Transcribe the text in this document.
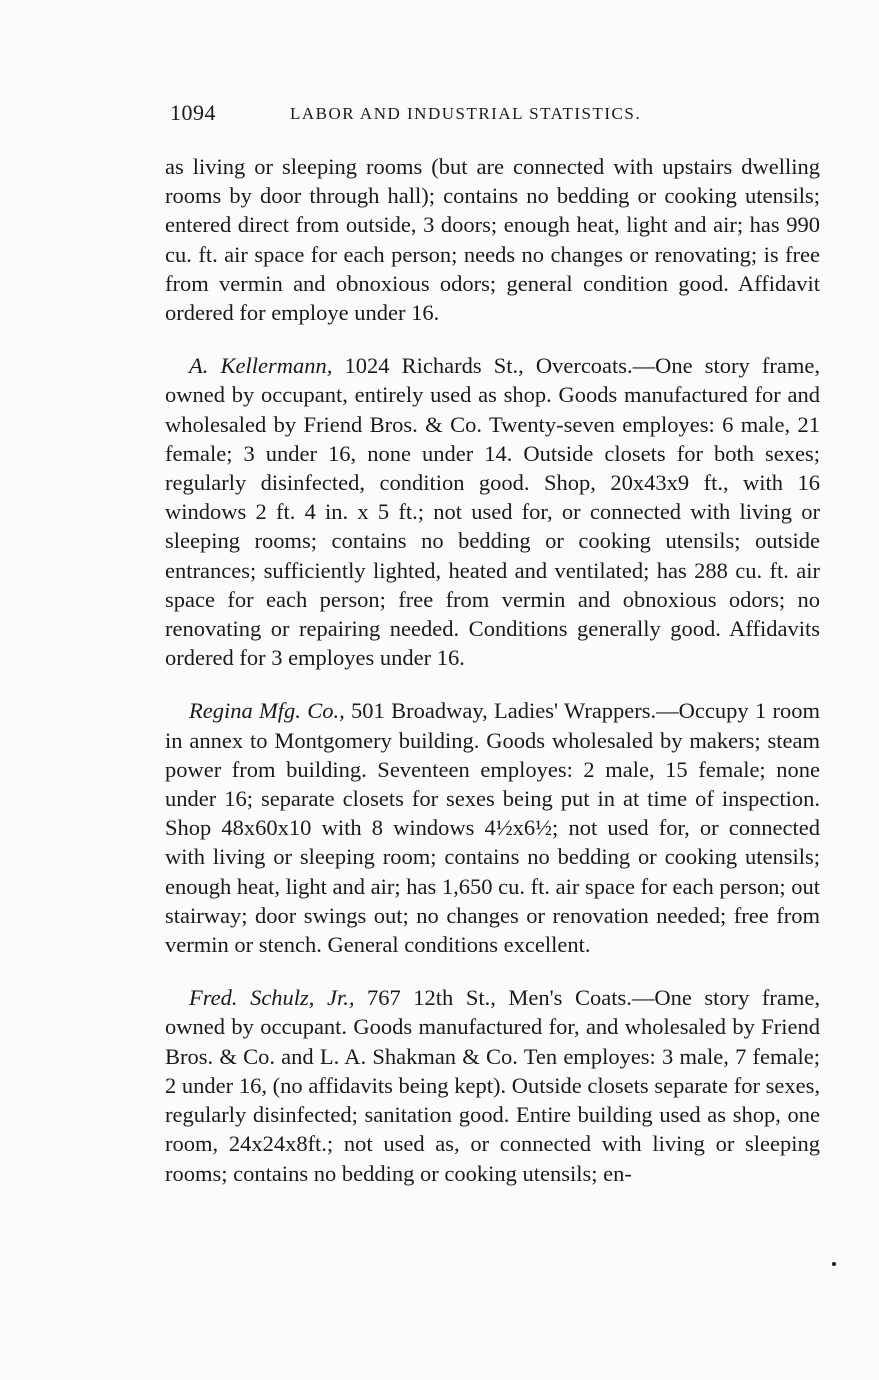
1094	LABOR AND INDUSTRIAL STATISTICS.

as living or sleeping rooms (but are connected with upstairs dwelling rooms by door through hall); contains no bedding or cooking utensils; entered direct from outside, 3 doors; enough heat, light and air; has 990 cu. ft. air space for each person; needs no changes or renovating; is free from vermin and obnoxious odors; general condition good. Affidavit ordered for employe under 16.

A. Kellermann, 1024 Richards St., Overcoats.—One story frame, owned by occupant, entirely used as shop. Goods manufactured for and wholesaled by Friend Bros. & Co. Twenty-seven employes: 6 male, 21 female; 3 under 16, none under 14. Outside closets for both sexes; regularly disinfected, condition good. Shop, 20x43x9 ft., with 16 windows 2 ft. 4 in. x 5 ft.; not used for, or connected with living or sleeping rooms; contains no bedding or cooking utensils; outside entrances; sufficiently lighted, heated and ventilated; has 288 cu. ft. air space for each person; free from vermin and obnoxious odors; no renovating or repairing needed. Conditions generally good. Affidavits ordered for 3 employes under 16.

Regina Mfg. Co., 501 Broadway, Ladies' Wrappers.—Occupy 1 room in annex to Montgomery building. Goods wholesaled by makers; steam power from building. Seventeen employes: 2 male, 15 female; none under 16; separate closets for sexes being put in at time of inspection. Shop 48x60x10 with 8 windows 4½x6½; not used for, or connected with living or sleeping room; contains no bedding or cooking utensils; enough heat, light and air; has 1,650 cu. ft. air space for each person; out stairway; door swings out; no changes or renovation needed; free from vermin or stench. General conditions excellent.

Fred. Schulz, Jr., 767 12th St., Men's Coats.—One story frame, owned by occupant. Goods manufactured for, and wholesaled by Friend Bros. & Co. and L. A. Shakman & Co. Ten employes: 3 male, 7 female; 2 under 16, (no affidavits being kept). Outside closets separate for sexes, regularly disinfected; sanitation good. Entire building used as shop, one room, 24x24x8ft.; not used as, or connected with living or sleeping rooms; contains no bedding or cooking utensils; en-
